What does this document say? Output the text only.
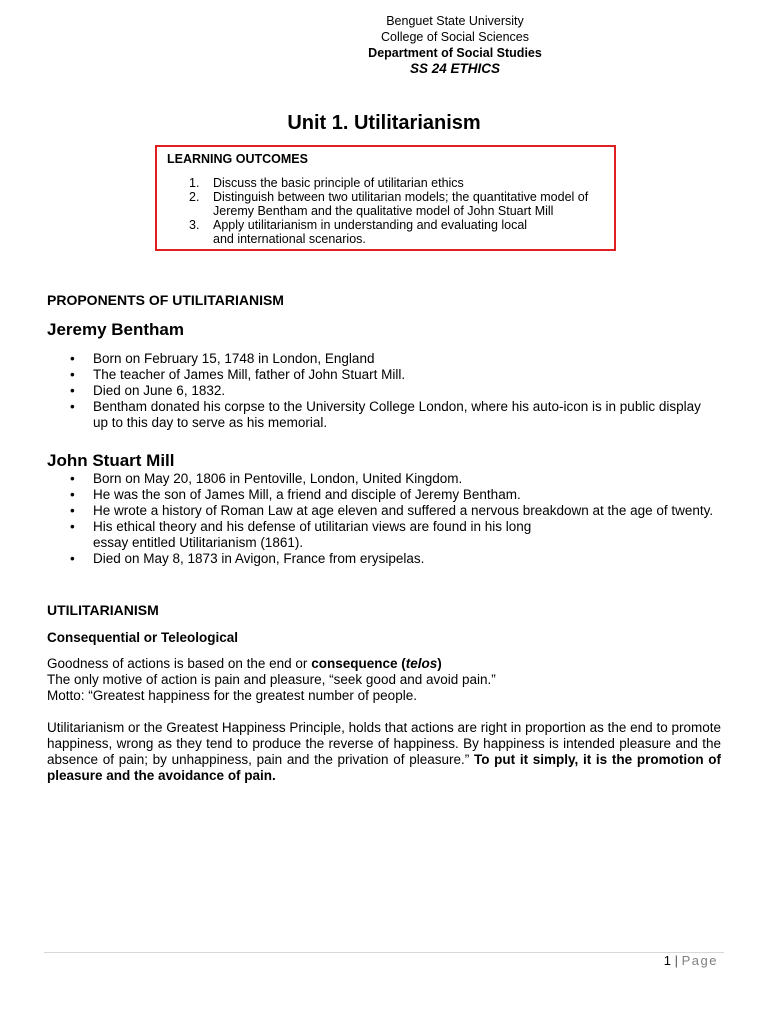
Benguet State University
College of Social Sciences
Department of Social Studies
SS 24 ETHICS
Unit 1. Utilitarianism
LEARNING OUTCOMES
1. Discuss the basic principle of utilitarian ethics
2. Distinguish between two utilitarian models; the quantitative model of Jeremy Bentham and the qualitative model of John Stuart Mill
3. Apply utilitarianism in understanding and evaluating local and international scenarios.
PROPONENTS OF UTILITARIANISM
Jeremy Bentham
• Born on February 15, 1748 in London, England
• The teacher of James Mill, father of John Stuart Mill.
• Died on June 6, 1832.
• Bentham donated his corpse to the University College London, where his auto-icon is in public display up to this day to serve as his memorial.
John Stuart Mill
• Born on May 20, 1806 in Pentoville, London, United Kingdom.
• He was the son of James Mill, a friend and disciple of Jeremy Bentham.
• He wrote a history of Roman Law at age eleven and suffered a nervous breakdown at the age of twenty.
• His ethical theory and his defense of utilitarian views are found in his long essay entitled Utilitarianism (1861).
• Died on May 8, 1873 in Avigon, France from erysipelas.
UTILITARIANISM
Consequential or Teleological
Goodness of actions is based on the end or consequence (telos)
The only motive of action is pain and pleasure, “seek good and avoid pain.”
Motto: “Greatest happiness for the greatest number of people.
Utilitarianism or the Greatest Happiness Principle, holds that actions are right in proportion as the end to promote happiness, wrong as they tend to produce the reverse of happiness. By happiness is intended pleasure and the absence of pain; by unhappiness, pain and the privation of pleasure.” To put it simply, it is the promotion of pleasure and the avoidance of pain.
1 | Page
